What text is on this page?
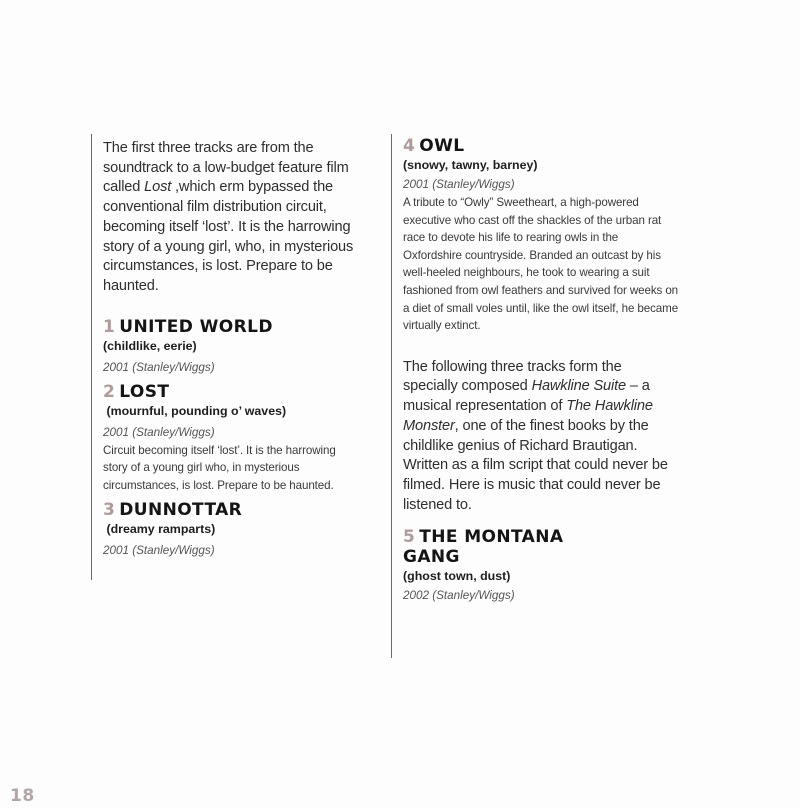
The first three tracks are from the soundtrack to a low-budget feature film called Lost ,which erm bypassed the conventional film distribution circuit, becoming itself ‘lost’. It is the harrowing story of a young girl, who, in mysterious circumstances, is lost. Prepare to be haunted.

1 UNITED WORLD
(childlike, eerie)
2001 (Stanley/Wiggs)
2 LOST
(mournful, pounding o’ waves)
2001 (Stanley/Wiggs)
Circuit becoming itself ‘lost’. It is the harrowing story of a young girl who, in mysterious circumstances, is lost. Prepare to be haunted.
3 DUNNOTTAR
(dreamy ramparts)
2001 (Stanley/Wiggs)
4 OWL
(snowy, tawny, barney)
2001 (Stanley/Wiggs)
A tribute to “Owly” Sweetheart, a high-powered executive who cast off the shackles of the urban rat race to devote his life to rearing owls in the Oxfordshire countryside. Branded an outcast by his well-heeled neighbours, he took to wearing a suit fashioned from owl feathers and survived for weeks on a diet of small voles until, like the owl itself, he became virtually extinct.

The following three tracks form the specially composed Hawkline Suite – a musical representation of The Hawkline Monster, one of the finest books by the childlike genius of Richard Brautigan. Written as a film script that could never be filmed. Here is music that could never be listened to.

5 THE MONTANA
GANG
(ghost town, dust)
2002 (Stanley/Wiggs)
18
